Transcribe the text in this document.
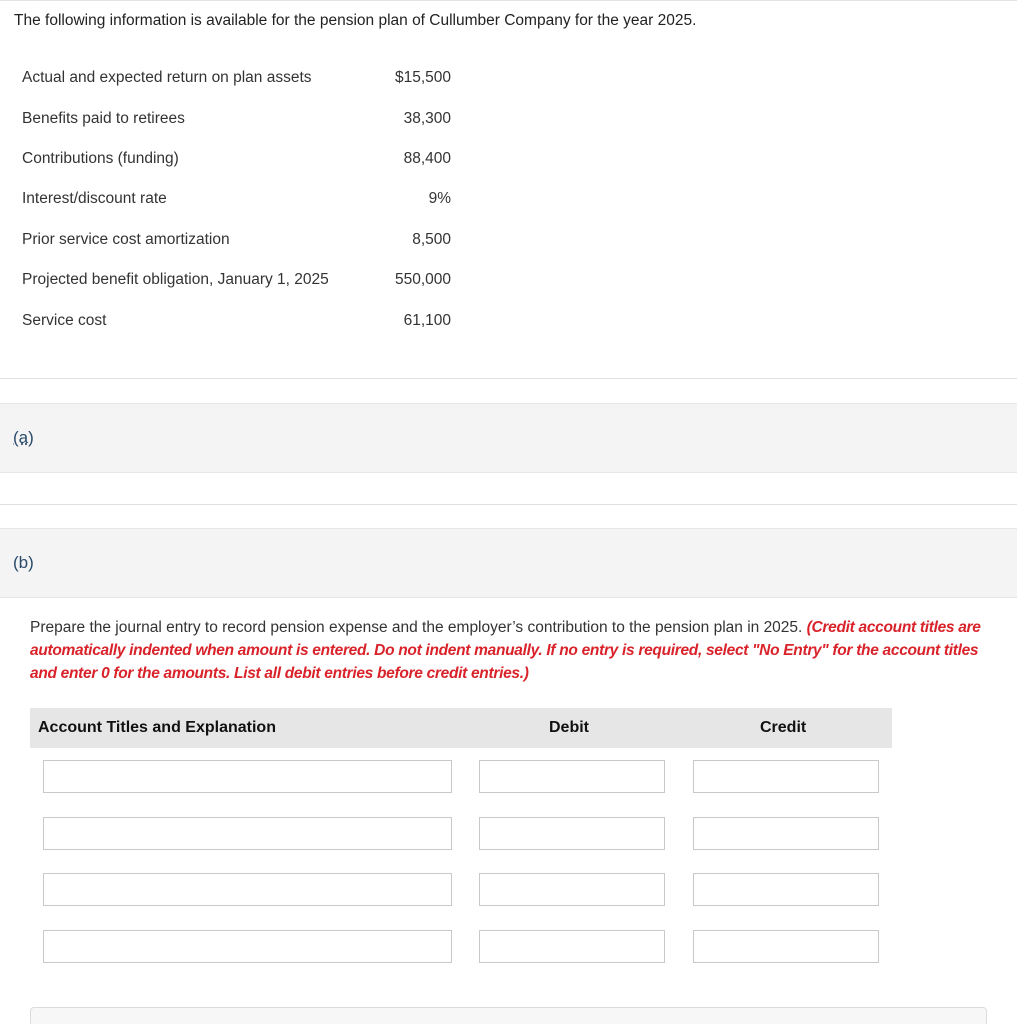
The following information is available for the pension plan of Cullumber Company for the year 2025.
Actual and expected return on plan assets	$15,500
Benefits paid to retirees	38,300
Contributions (funding)	88,400
Interest/discount rate	9%
Prior service cost amortization	8,500
Projected benefit obligation, January 1, 2025	550,000
Service cost	61,100
(a)
(b)
Prepare the journal entry to record pension expense and the employer’s contribution to the pension plan in 2025. (Credit account titles are automatically indented when amount is entered. Do not indent manually. If no entry is required, select "No Entry" for the account titles and enter 0 for the amounts. List all debit entries before credit entries.)
Account Titles and Explanation	Debit	Credit
